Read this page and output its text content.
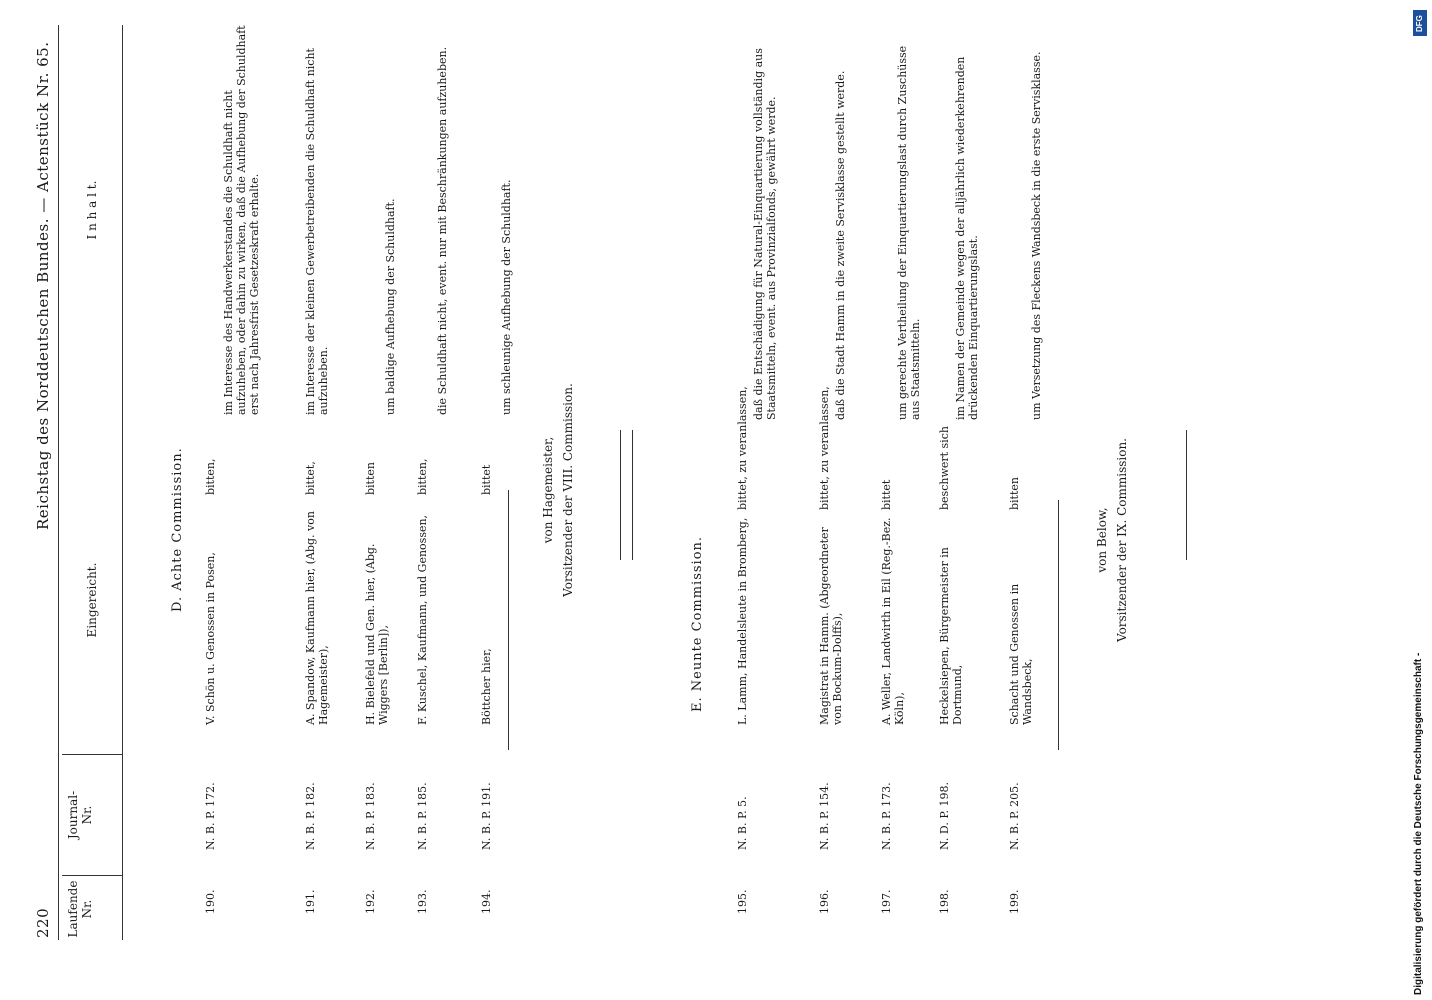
220
Reichstag des Norddeutschen Bundes. — Actenstück Nr. 65.
Laufende
Nr.
Journal-
Nr.
Eingereicht.
I n h a l t.
D. Achte Commission.
190.
N. B. P. 172.
V. Schön u. Genossen in Posen,
bitten,
im Interesse des Handwerkerstandes die Schuldhaft nicht aufzuheben, oder dahin zu wirken, daß die Aufhebung der Schuldhaft erst nach Jahresfrist Gesetzeskraft erhalte.
191.
N. B. P. 182.
A. Spandow, Kaufmann hier, (Abg. von Hagemeister),
bittet,
im Interesse der kleinen Gewerbetreibenden die Schuldhaft nicht aufzuheben.
192.
N. B. P. 183.
H. Bielefeld und Gen. hier, (Abg. Wiggers [Berlin]),
bitten
um baldige Aufhebung der Schuldhaft.
193.
N. B. P. 185.
F. Kuschel, Kaufmann, und Genossen,
bitten,
die Schuldhaft nicht, event. nur mit Beschränkungen aufzuheben.
194.
N. B. P. 191.
Böttcher hier,
bittet
um schleunige Aufhebung der Schuldhaft.
von Hagemeister, Vorsitzender der VIII. Commission.
E. Neunte Commission.
195.
N. B. P. 5.
L. Lamm, Handelsleute in Bromberg,
bittet, zu veranlassen,
daß die Entschädigung für Natural-Einquartierung vollständig aus Staatsmitteln, event. aus Provinzialfonds, gewährt werde.
196.
N. B. P. 154.
Magistrat in Hamm. (Abgeordneter von Bockum-Dolffs),
bittet, zu veranlassen,
daß die Stadt Hamm in die zweite Servisklasse gestellt werde.
197.
N. B. P. 173.
A. Weller, Landwirth in Eil (Reg.-Bez. Köln),
bittet
um gerechte Vertheilung der Einquartierungslast durch Zuschüsse aus Staatsmitteln.
198.
N. D. P. 198.
Heckelsiepen, Bürgermeister in Dortmund,
beschwert sich
im Namen der Gemeinde wegen der alljährlich wiederkehrenden drückenden Einquartierungslast.
199.
N. B. P. 205.
Schacht und Genossen in Wandsbeck,
bitten
um Versetzung des Fleckens Wandsbeck in die erste Servisklasse.
von Below, Vorsitzender der IX. Commission.
DFG
Digitalisierung gefördert durch die Deutsche Forschungsgemeinschaft -
